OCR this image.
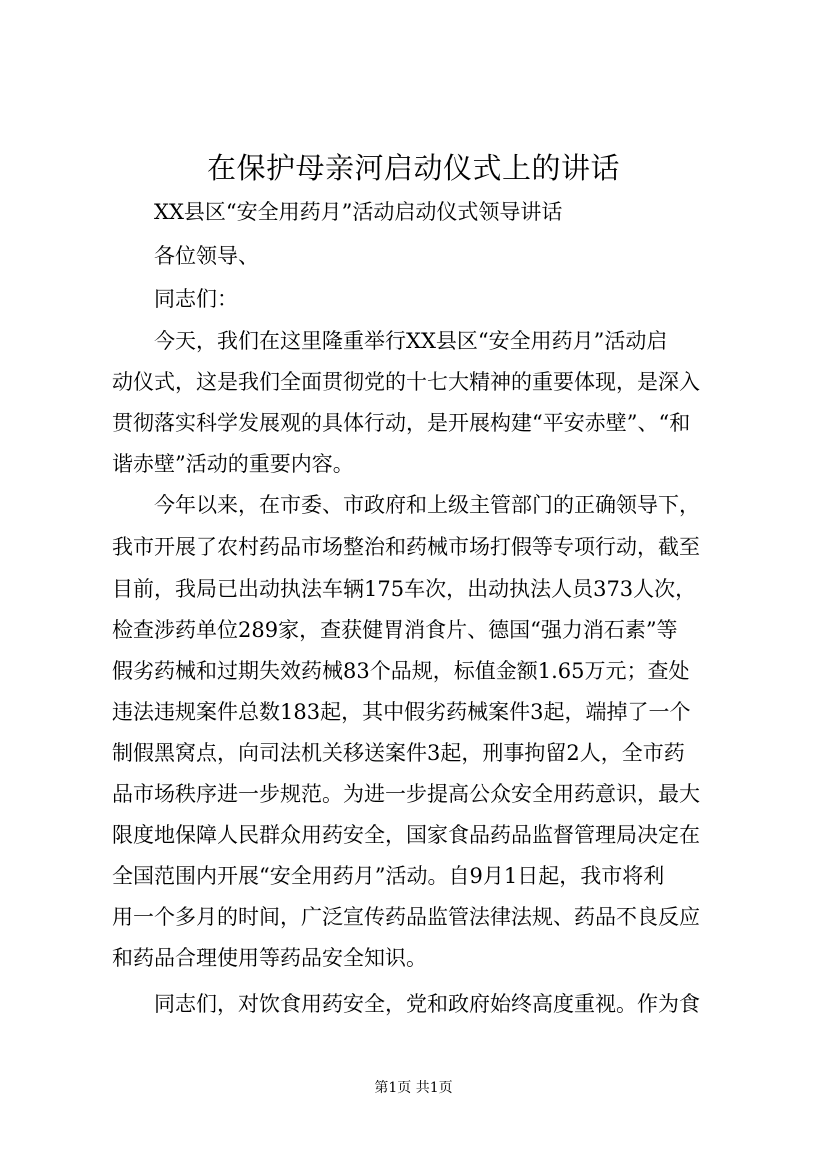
在保护母亲河启动仪式上的讲话
XX县区“安全用药月”活动启动仪式领导讲话
各位领导、
同志们：
今天，我们在这里隆重举行XX县区“安全用药月”活动启
动仪式，这是我们全面贯彻党的十七大精神的重要体现，是深入
贯彻落实科学发展观的具体行动，是开展构建“平安赤壁”、“和
谐赤壁”活动的重要内容。
今年以来，在市委、市政府和上级主管部门的正确领导下，
我市开展了农村药品市场整治和药械市场打假等专项行动，截至
目前，我局已出动执法车辆175车次，出动执法人员373人次，
检查涉药单位289家，查获健胃消食片、德国“强力消石素”等
假劣药械和过期失效药械83个品规，标值金额1.65万元；查处
违法违规案件总数183起，其中假劣药械案件3起，端掉了一个
制假黑窝点，向司法机关移送案件3起，刑事拘留2人，全市药
品市场秩序进一步规范。为进一步提高公众安全用药意识，最大
限度地保障人民群众用药安全，国家食品药品监督管理局决定在
全国范围内开展“安全用药月”活动。自9月1日起，我市将利
用一个多月的时间，广泛宣传药品监管法律法规、药品不良反应
和药品合理使用等药品安全知识。
同志们，对饮食用药安全，党和政府始终高度重视。作为食
第1页 共1页
